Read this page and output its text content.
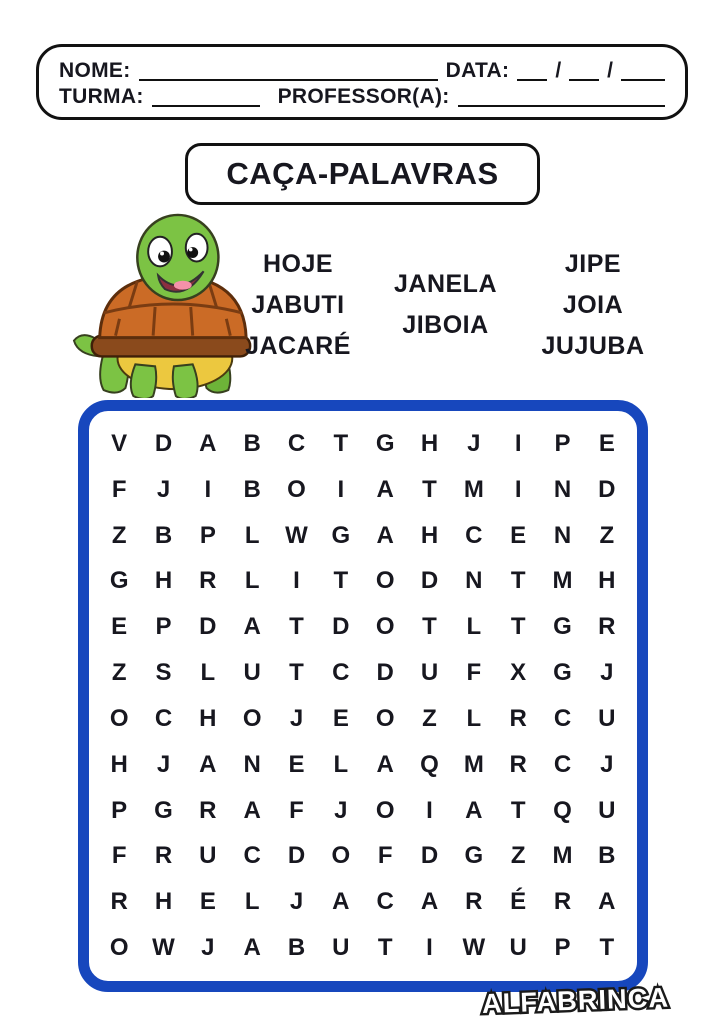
NOME:	DATA: / /
TURMA:	PROFESSOR(A):
CAÇA-PALAVRAS
HOJE
JABUTI
JACARÉ
JANELA
JIBOIA
JIPE
JOIA
JUJUBA
V D A B C T G H J I P E
F J I B O I A T M I N D
Z B P L W G A H C E N Z
G H R L I T O D N T M H
E P D A T D O T L T G R
Z S L U T C D U F X G J
O C H O J E O Z L R C U
H J A N E L A Q M R C J
P G R A F J O I A T Q U
F R U C D O F D G Z M B
R H E L J A C A R É R A
O W J A B U T I W U P T
ALFABRINCA
